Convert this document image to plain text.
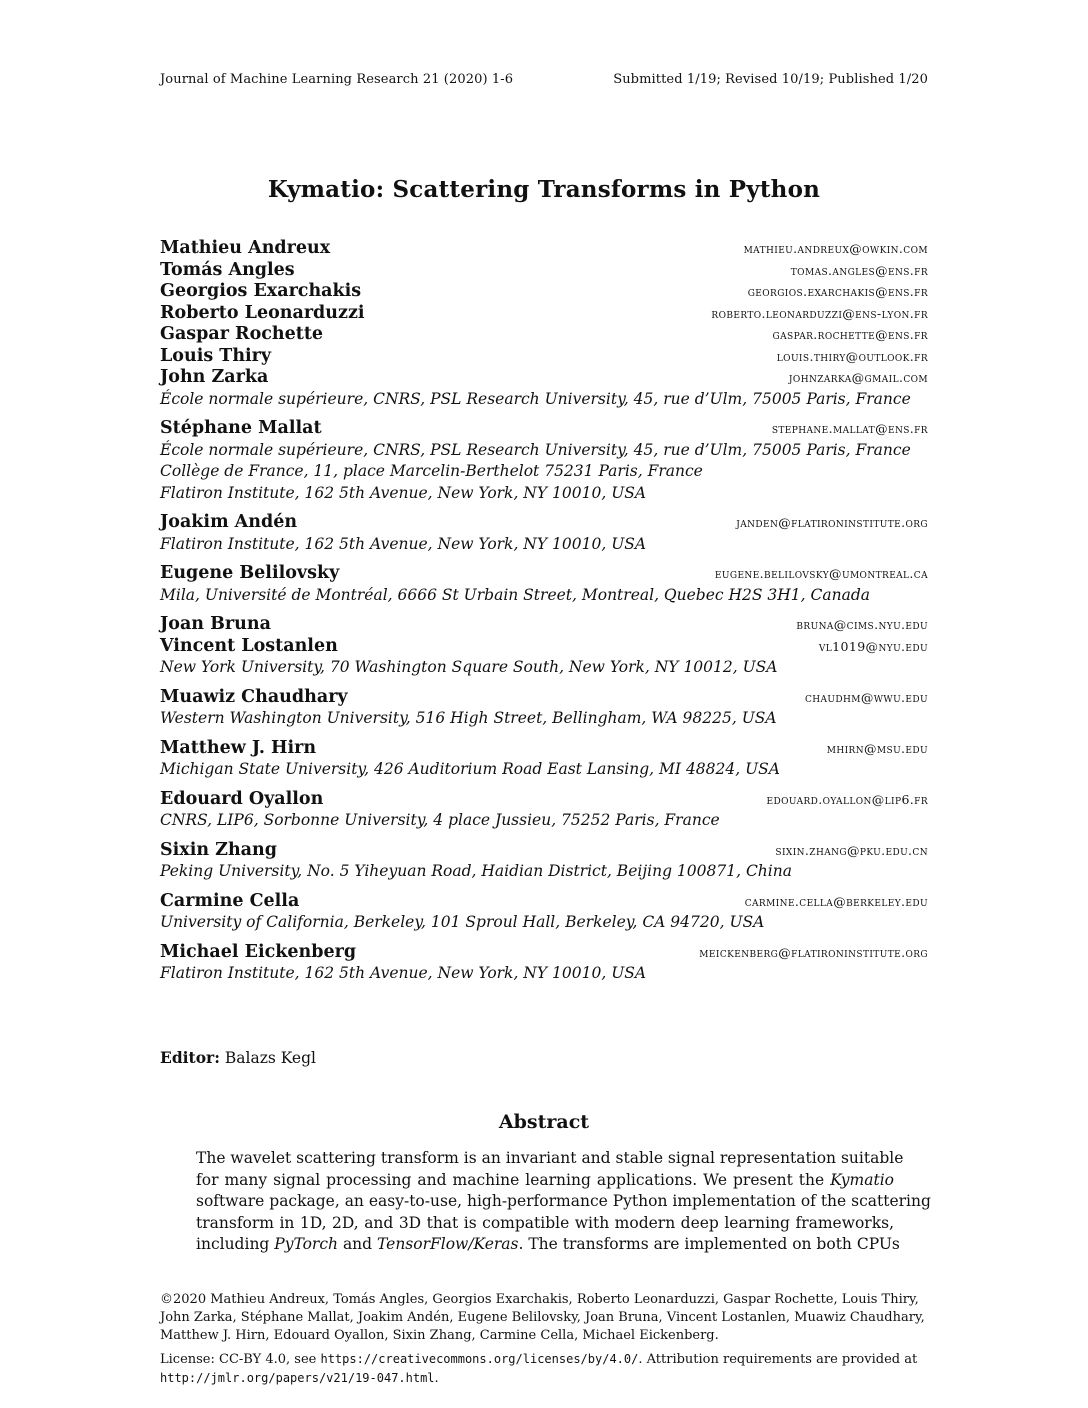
Journal of Machine Learning Research 21 (2020) 1-6	Submitted 1/19; Revised 10/19; Published 1/20
Kymatio: Scattering Transforms in Python
Mathieu Andreux	mathieu.andreux@owkin.com
Tomás Angles	tomas.angles@ens.fr
Georgios Exarchakis	georgios.exarchakis@ens.fr
Roberto Leonarduzzi	roberto.leonarduzzi@ens-lyon.fr
Gaspar Rochette	gaspar.rochette@ens.fr
Louis Thiry	louis.thiry@outlook.fr
John Zarka	johnzarka@gmail.com
École normale supérieure, CNRS, PSL Research University, 45, rue d’Ulm, 75005 Paris, France
Stéphane Mallat	stephane.mallat@ens.fr
École normale supérieure, CNRS, PSL Research University, 45, rue d’Ulm, 75005 Paris, France
Collège de France, 11, place Marcelin-Berthelot 75231 Paris, France
Flatiron Institute, 162 5th Avenue, New York, NY 10010, USA
Joakim Andén	janden@flatironinstitute.org
Flatiron Institute, 162 5th Avenue, New York, NY 10010, USA
Eugene Belilovsky	eugene.belilovsky@umontreal.ca
Mila, Université de Montréal, 6666 St Urbain Street, Montreal, Quebec H2S 3H1, Canada
Joan Bruna	bruna@cims.nyu.edu
Vincent Lostanlen	vl1019@nyu.edu
New York University, 70 Washington Square South, New York, NY 10012, USA
Muawiz Chaudhary	chaudhm@wwu.edu
Western Washington University, 516 High Street, Bellingham, WA 98225, USA
Matthew J. Hirn	mhirn@msu.edu
Michigan State University, 426 Auditorium Road East Lansing, MI 48824, USA
Edouard Oyallon	edouard.oyallon@lip6.fr
CNRS, LIP6, Sorbonne University, 4 place Jussieu, 75252 Paris, France
Sixin Zhang	sixin.zhang@pku.edu.cn
Peking University, No. 5 Yiheyuan Road, Haidian District, Beijing 100871, China
Carmine Cella	carmine.cella@berkeley.edu
University of California, Berkeley, 101 Sproul Hall, Berkeley, CA 94720, USA
Michael Eickenberg	meickenberg@flatironinstitute.org
Flatiron Institute, 162 5th Avenue, New York, NY 10010, USA
Editor: Balazs Kegl
Abstract
The wavelet scattering transform is an invariant and stable signal representation suitable
for many signal processing and machine learning applications. We present the Kymatio
software package, an easy-to-use, high-performance Python implementation of the scattering
transform in 1D, 2D, and 3D that is compatible with modern deep learning frameworks,
including PyTorch and TensorFlow/Keras. The transforms are implemented on both CPUs
©2020 Mathieu Andreux, Tomás Angles, Georgios Exarchakis, Roberto Leonarduzzi, Gaspar Rochette, Louis Thiry, John Zarka, Stéphane Mallat, Joakim Andén, Eugene Belilovsky, Joan Bruna, Vincent Lostanlen, Muawiz Chaudhary, Matthew J. Hirn, Edouard Oyallon, Sixin Zhang, Carmine Cella, Michael Eickenberg.
License: CC-BY 4.0, see https://creativecommons.org/licenses/by/4.0/. Attribution requirements are provided at http://jmlr.org/papers/v21/19-047.html.
